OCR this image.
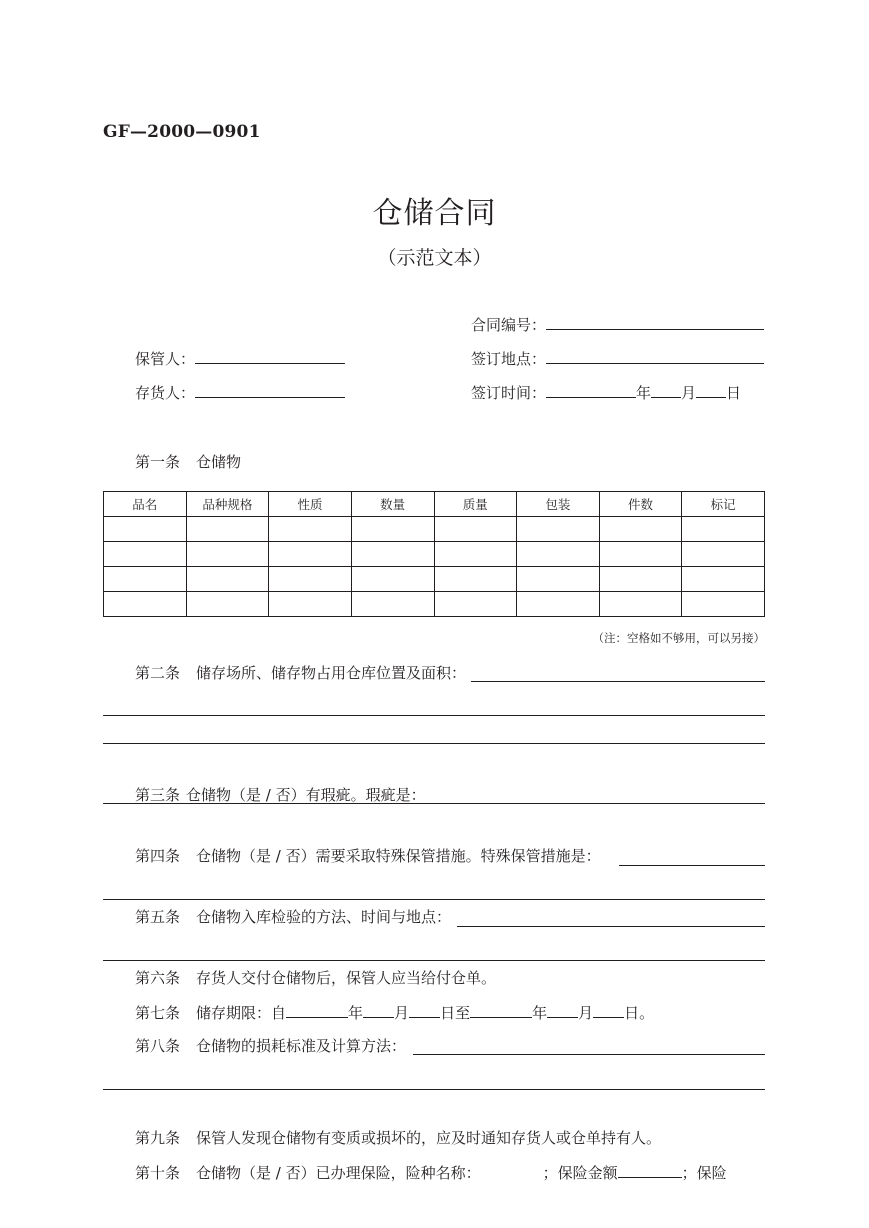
GF—2000—0901
仓储合同
（示范文本）
合同编号：
保管人：	签订地点：
存货人：	签订时间：	年 月 日
第一条 仓储物
品名	品种规格	性质	数量	质量	包装	件数	标记

（注：空格如不够用，可以另接）
第二条 储存场所、储存物占用仓库位置及面积：
第三条 仓储物（是 / 否）有瑕疵。瑕疵是：
第四条 仓储物（是 / 否）需要采取特殊保管措施。特殊保管措施是：
第五条 仓储物入库检验的方法、时间与地点：
第六条 存货人交付仓储物后，保管人应当给付仓单。
第七条 储存期限：自	年 月 日至	年 月 日。
第八条 仓储物的损耗标准及计算方法：
第九条 保管人发现仓储物有变质或损坏的，应及时通知存货人或仓单持有人。
第十条 仓储物（是 / 否）已办理保险，险种名称：	；保险金额	；保险
